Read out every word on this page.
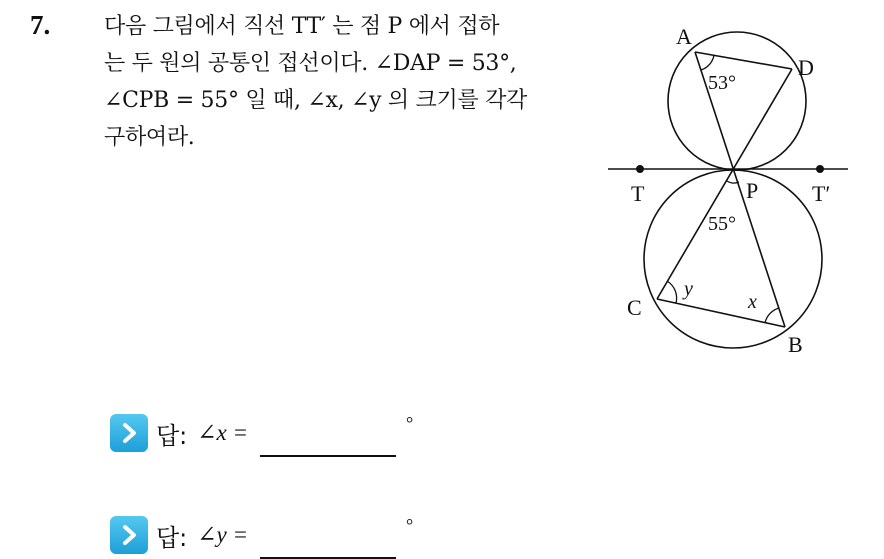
7. 다음 그림에서 직선 TT′ 는 점 P 에서 접하
는 두 원의 공통인 접선이다. ∠DAP = 53°,
∠CPB = 55° 일 때, ∠x, ∠y 의 크기를 각각
구하여라.
A
D
T	P T′
C
B
53°
55°
y
x
답: ∠x =	°
답: ∠y =	°
